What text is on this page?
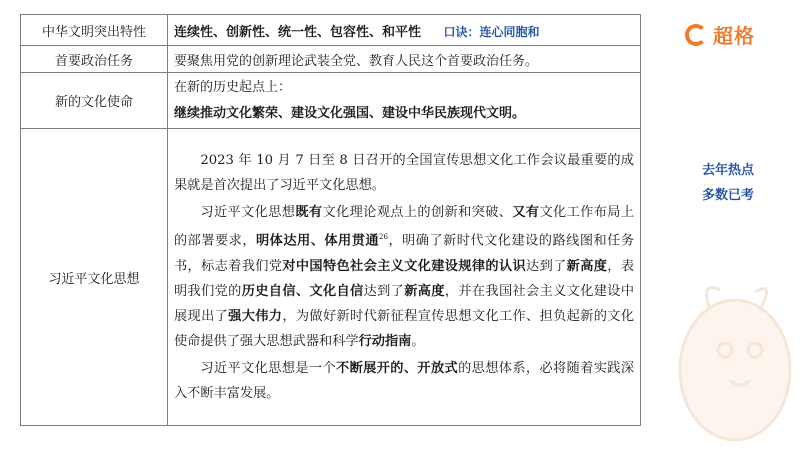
中华文明突出特性	连续性、创新性、统一性、包容性、和平性 口诀：连心同胞和
首要政治任务	要聚焦用党的创新理论武装全党、教育人民这个首要政治任务。
新的文化使命	在新的历史起点上：
继续推动文化繁荣、建设文化强国、建设中华民族现代文明。

习近平文化思想	2023 年 10 月 7 日至 8 日召开的全国宣传思想文化工作会议最重要的成果就是首次提出了习近平文化思想。
习近平文化思想既有文化理论观点上的创新和突破、又有文化工作布局上的部署要求，明体达用、体用贯通$^{26}$，明确了新时代文化建设的路线图和任务书，标志着我们党对中国特色社会主义文化建设规律的认识达到了新高度，表明我们党的历史自信、文化自信达到了新高度，并在我国社会主义文化建设中展现出了强大伟力，为做好新时代新征程宣传思想文化工作、担负起新的文化使命提供了强大思想武器和科学行动指南。
习近平文化思想是一个不断展开的、开放式的思想体系，必将随着实践深入不断丰富发展。
超格
去年热点
多数已考
